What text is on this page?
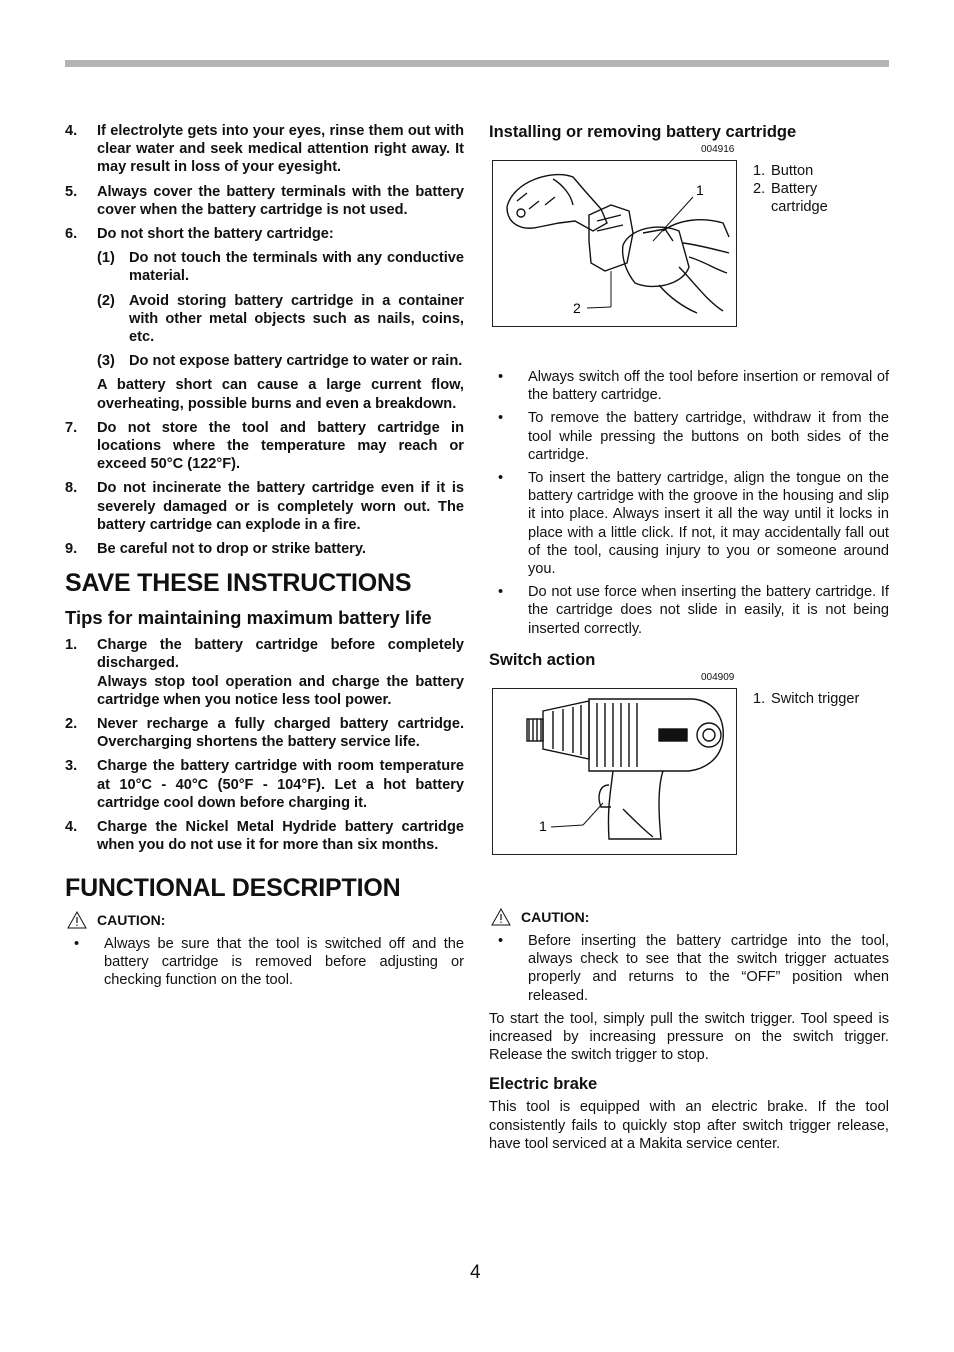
4.	If electrolyte gets into your eyes, rinse them out with clear water and seek medical attention right away. It may result in loss of your eyesight.
5.	Always cover the battery terminals with the battery cover when the battery cartridge is not used.
6.	Do not short the battery cartridge:
(1) Do not touch the terminals with any conductive material.
(2) Avoid storing battery cartridge in a container with other metal objects such as nails, coins, etc.
(3) Do not expose battery cartridge to water or rain.
A battery short can cause a large current flow, overheating, possible burns and even a breakdown.
7.	Do not store the tool and battery cartridge in locations where the temperature may reach or exceed 50°C (122°F).
8.	Do not incinerate the battery cartridge even if it is severely damaged or is completely worn out. The battery cartridge can explode in a fire.
9.	Be careful not to drop or strike battery.
SAVE THESE INSTRUCTIONS
Tips for maintaining maximum battery life
1.	Charge the battery cartridge before completely discharged.
Always stop tool operation and charge the battery cartridge when you notice less tool power.
2.	Never recharge a fully charged battery cartridge. Overcharging shortens the battery service life.
3.	Charge the battery cartridge with room temperature at 10°C - 40°C (50°F - 104°F). Let a hot battery cartridge cool down before charging it.
4.	Charge the Nickel Metal Hydride battery cartridge when you do not use it for more than six months.
FUNCTIONAL DESCRIPTION
CAUTION:
•	Always be sure that the tool is switched off and the battery cartridge is removed before adjusting or checking function on the tool.
Installing or removing battery cartridge
004916
1
2
1. Button
2. Battery cartridge
•	Always switch off the tool before insertion or removal of the battery cartridge.
•	To remove the battery cartridge, withdraw it from the tool while pressing the buttons on both sides of the cartridge.
•	To insert the battery cartridge, align the tongue on the battery cartridge with the groove in the housing and slip it into place. Always insert it all the way until it locks in place with a little click. If not, it may accidentally fall out of the tool, causing injury to you or someone around you.
•	Do not use force when inserting the battery cartridge. If the cartridge does not slide in easily, it is not being inserted correctly.
Switch action
004909
1
1. Switch trigger
CAUTION:
•	Before inserting the battery cartridge into the tool, always check to see that the switch trigger actuates properly and returns to the “OFF” position when released.
To start the tool, simply pull the switch trigger. Tool speed is increased by increasing pressure on the switch trigger. Release the switch trigger to stop.
Electric brake
This tool is equipped with an electric brake. If the tool consistently fails to quickly stop after switch trigger release, have tool serviced at a Makita service center.
4
